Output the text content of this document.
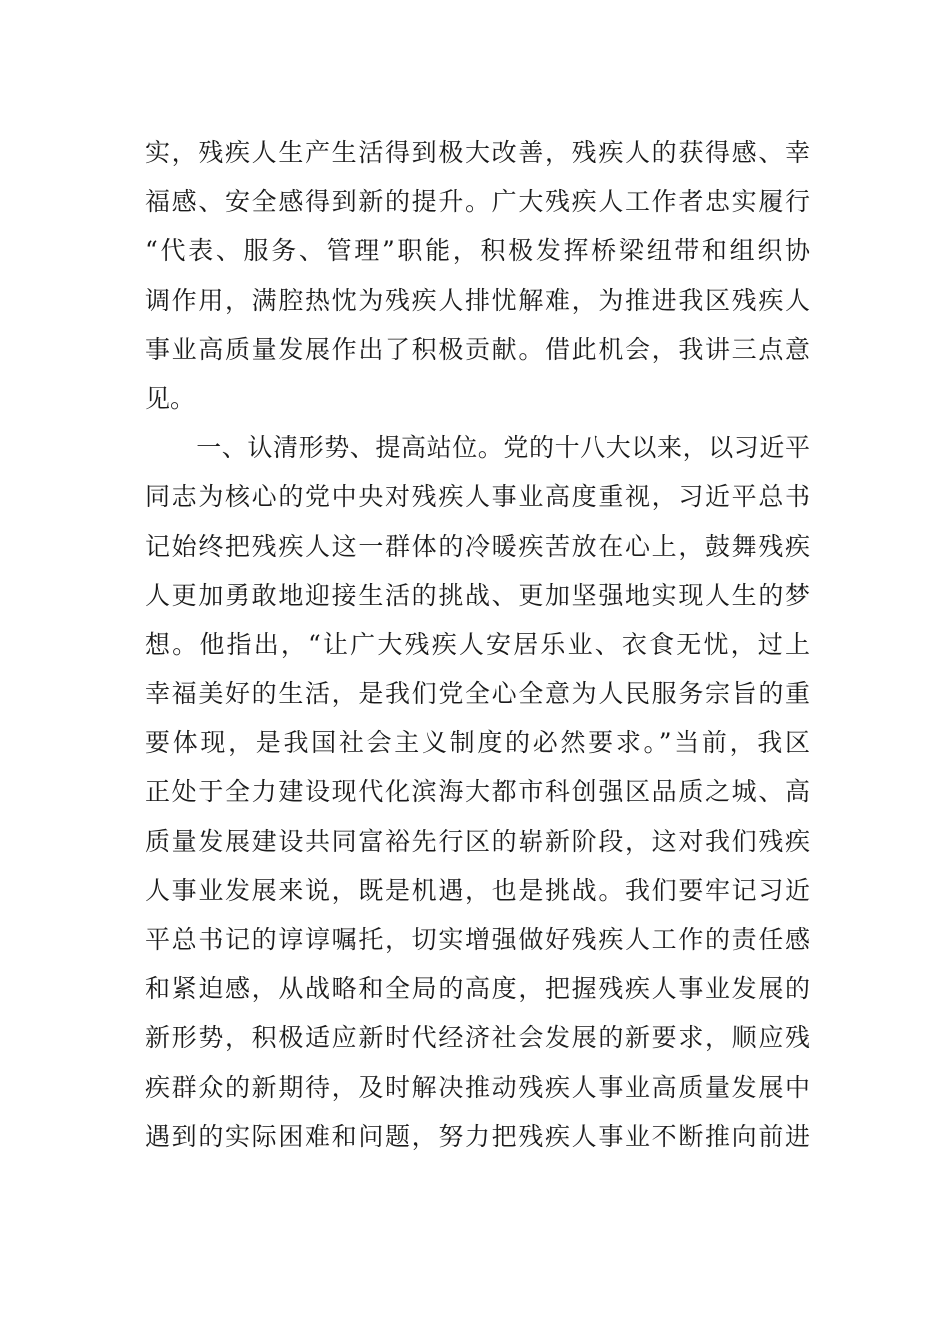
实，残疾人生产生活得到极大改善，残疾人的获得感、幸
福感、安全感得到新的提升。广大残疾人工作者忠实履行
“代表、服务、管理”职能，积极发挥桥梁纽带和组织协
调作用，满腔热忱为残疾人排忧解难，为推进我区残疾人
事业高质量发展作出了积极贡献。借此机会，我讲三点意
见。
　　一、认清形势、提高站位。党的十八大以来，以习近平
同志为核心的党中央对残疾人事业高度重视，习近平总书
记始终把残疾人这一群体的冷暖疾苦放在心上，鼓舞残疾
人更加勇敢地迎接生活的挑战、更加坚强地实现人生的梦
想。他指出，“让广大残疾人安居乐业、衣食无忧，过上
幸福美好的生活，是我们党全心全意为人民服务宗旨的重
要体现，是我国社会主义制度的必然要求。”当前，我区
正处于全力建设现代化滨海大都市科创强区品质之城、高
质量发展建设共同富裕先行区的崭新阶段，这对我们残疾
人事业发展来说，既是机遇，也是挑战。我们要牢记习近
平总书记的谆谆嘱托，切实增强做好残疾人工作的责任感
和紧迫感，从战略和全局的高度，把握残疾人事业发展的
新形势，积极适应新时代经济社会发展的新要求，顺应残
疾群众的新期待，及时解决推动残疾人事业高质量发展中
遇到的实际困难和问题，努力把残疾人事业不断推向前进
